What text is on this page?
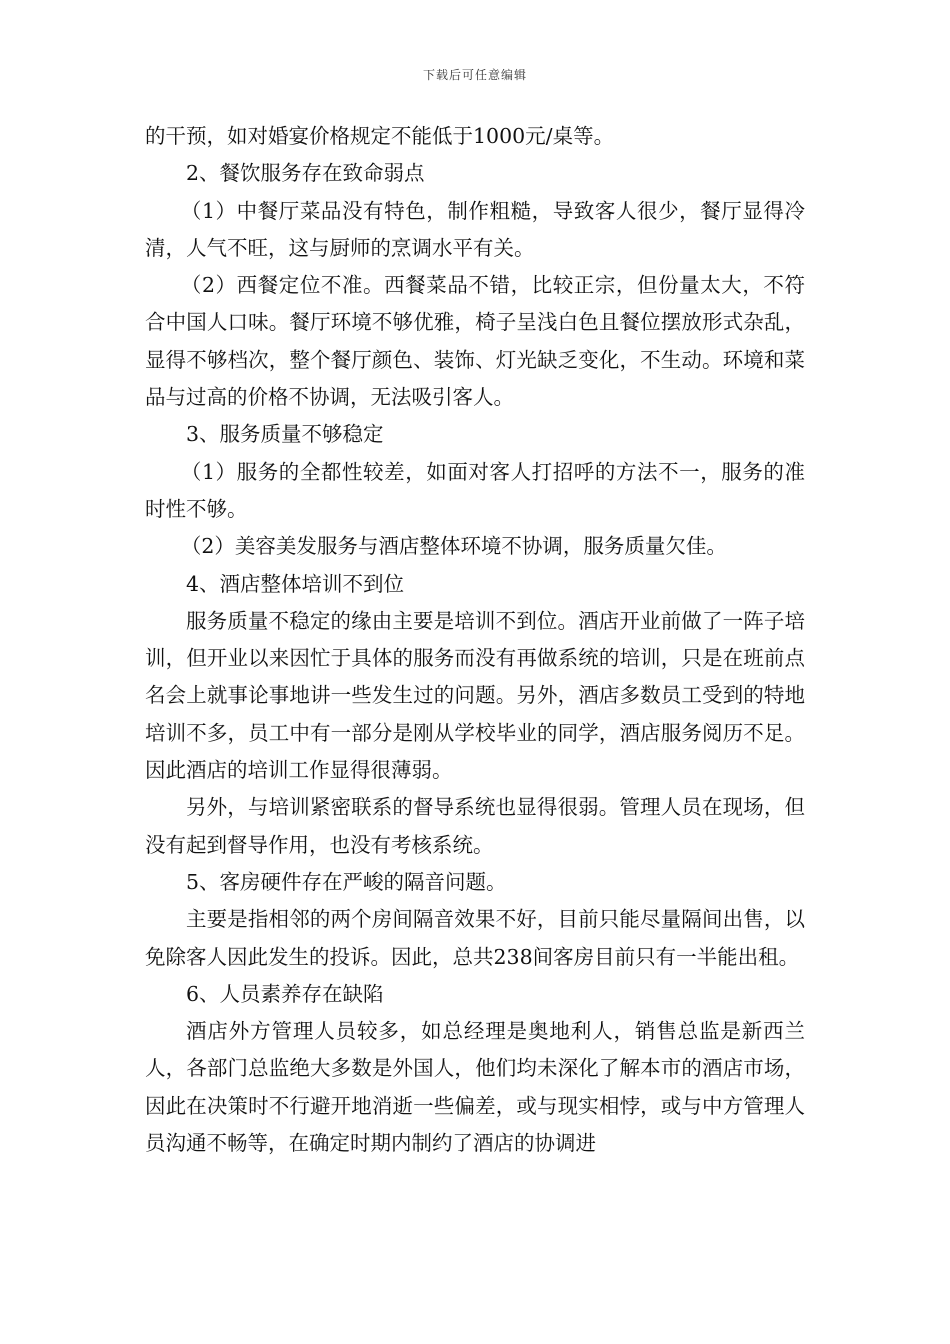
下载后可任意编辑

的干预，如对婚宴价格规定不能低于1000元/桌等。

2、餐饮服务存在致命弱点

（1）中餐厅菜品没有特色，制作粗糙，导致客人很少，餐厅显得冷清，人气不旺，这与厨师的烹调水平有关。

（2）西餐定位不准。西餐菜品不错，比较正宗，但份量太大，不符合中国人口味。餐厅环境不够优雅，椅子呈浅白色且餐位摆放形式杂乱，显得不够档次，整个餐厅颜色、装饰、灯光缺乏变化，不生动。环境和菜品与过高的价格不协调，无法吸引客人。

3、服务质量不够稳定

（1）服务的全都性较差，如面对客人打招呼的方法不一，服务的准时性不够。

（2）美容美发服务与酒店整体环境不协调，服务质量欠佳。

4、酒店整体培训不到位

服务质量不稳定的缘由主要是培训不到位。酒店开业前做了一阵子培训，但开业以来因忙于具体的服务而没有再做系统的培训，只是在班前点名会上就事论事地讲一些发生过的问题。另外，酒店多数员工受到的特地培训不多，员工中有一部分是刚从学校毕业的同学，酒店服务阅历不足。因此酒店的培训工作显得很薄弱。

另外，与培训紧密联系的督导系统也显得很弱。管理人员在现场，但没有起到督导作用，也没有考核系统。

5、客房硬件存在严峻的隔音问题。

主要是指相邻的两个房间隔音效果不好，目前只能尽量隔间出售，以免除客人因此发生的投诉。因此，总共238间客房目前只有一半能出租。

6、人员素养存在缺陷

酒店外方管理人员较多，如总经理是奥地利人，销售总监是新西兰人，各部门总监绝大多数是外国人，他们均未深化了解本市的酒店市场，因此在决策时不行避开地消逝一些偏差，或与现实相悖，或与中方管理人员沟通不畅等，在确定时期内制约了酒店的协调进
